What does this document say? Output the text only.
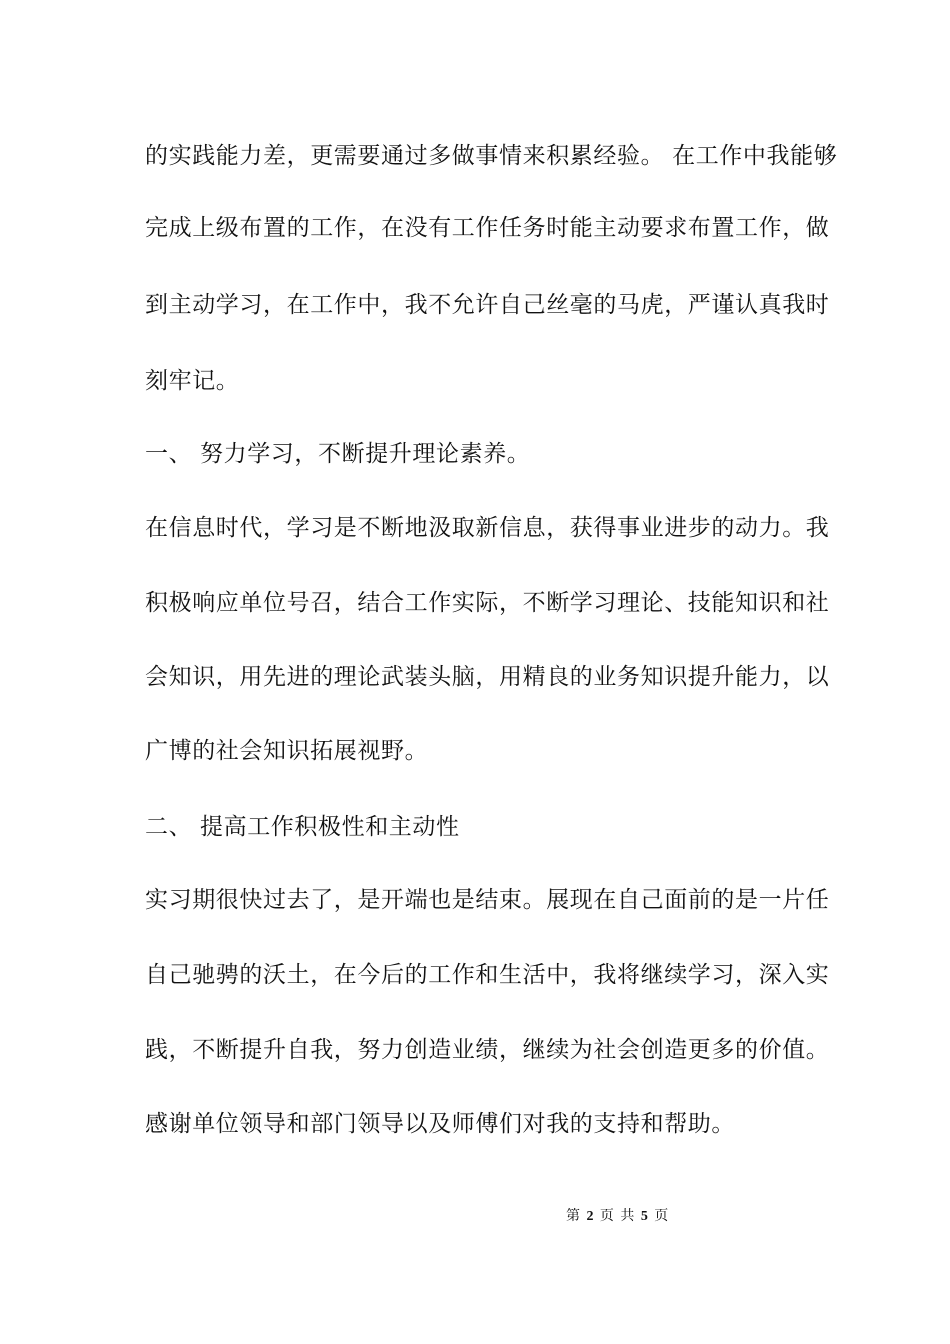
的实践能力差，更需要通过多做事情来积累经验。 在工作中我能够
完成上级布置的工作，在没有工作任务时能主动要求布置工作，做
到主动学习，在工作中，我不允许自己丝毫的马虎，严谨认真我时
刻牢记。
一、 努力学习，不断提升理论素养。
在信息时代，学习是不断地汲取新信息，获得事业进步的动力。我
积极响应单位号召，结合工作实际，不断学习理论、技能知识和社
会知识，用先进的理论武装头脑，用精良的业务知识提升能力，以
广博的社会知识拓展视野。
二、 提高工作积极性和主动性
实习期很快过去了，是开端也是结束。展现在自己面前的是一片任
自己驰骋的沃土，在今后的工作和生活中，我将继续学习，深入实
践，不断提升自我，努力创造业绩，继续为社会创造更多的价值。
感谢单位领导和部门领导以及师傅们对我的支持和帮助。
第 2 页 共 5 页
